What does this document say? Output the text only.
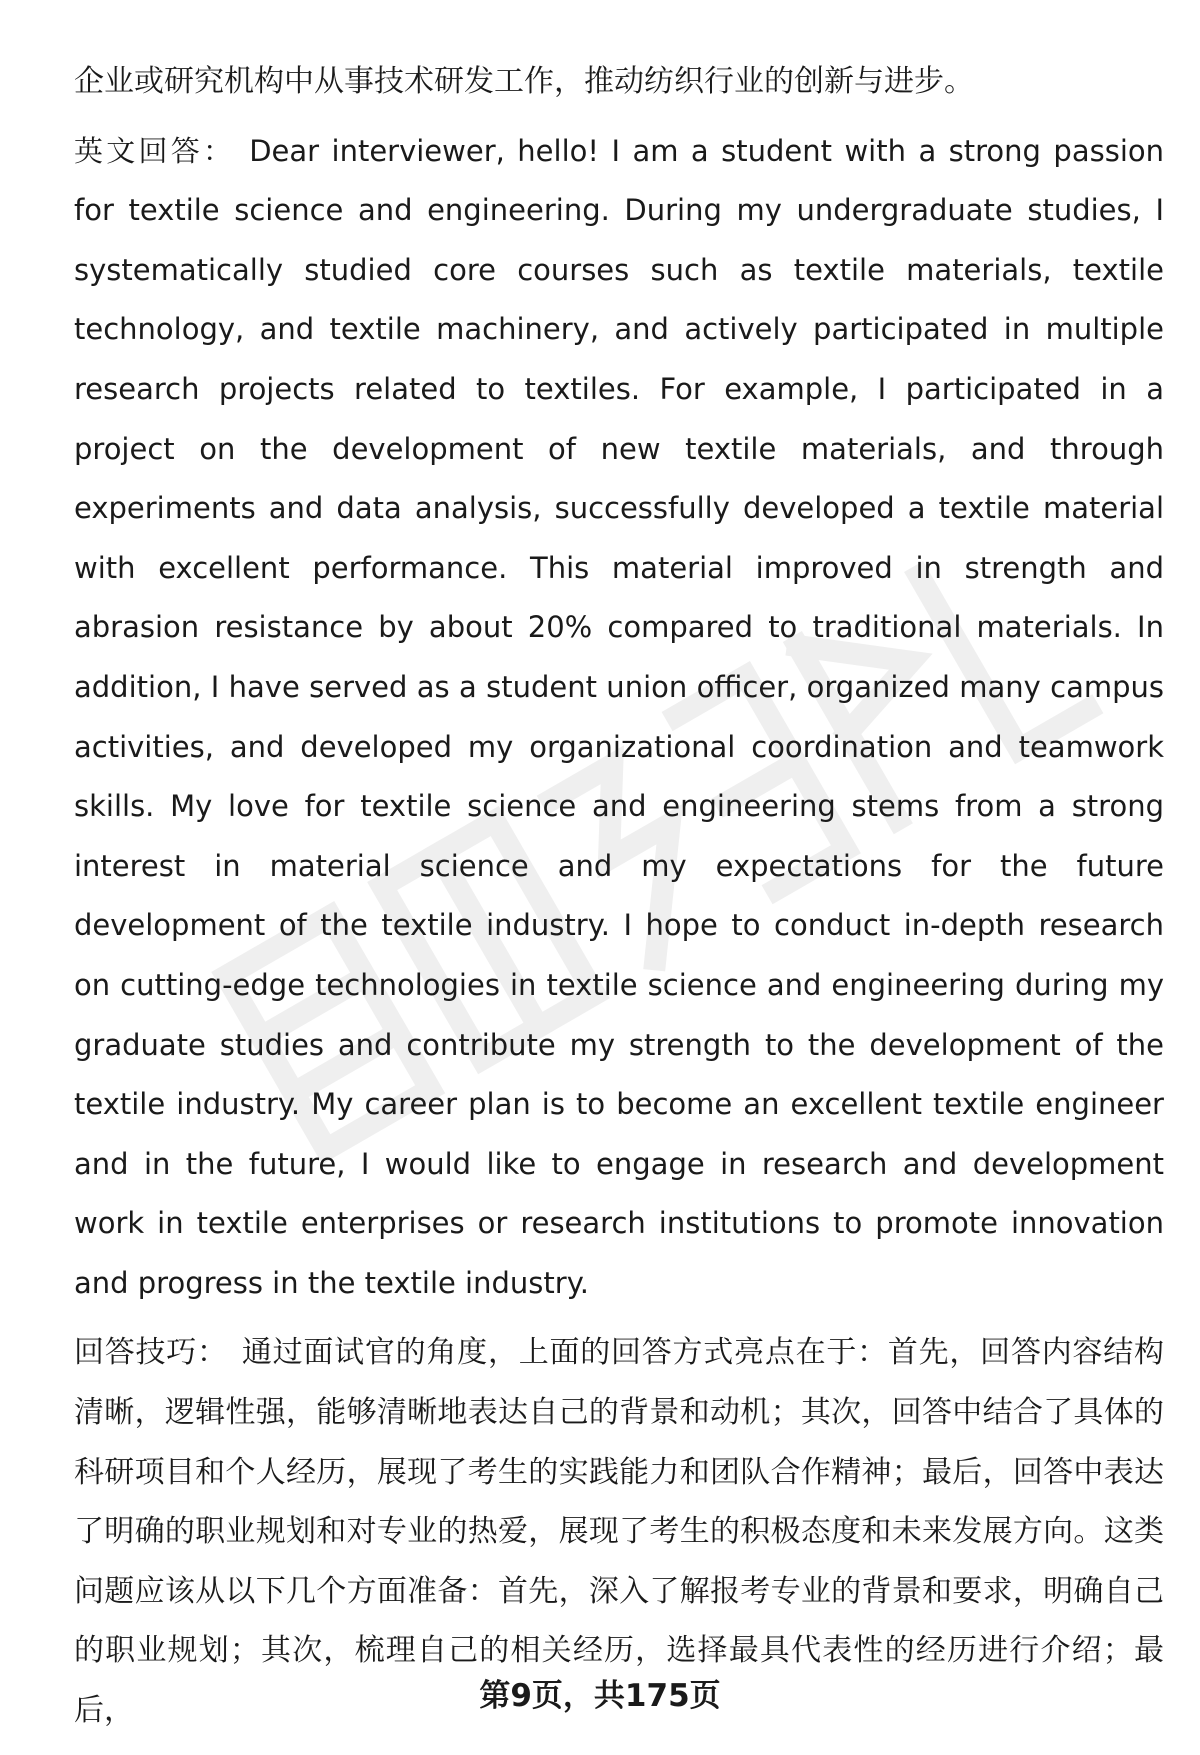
企业或研究机构中从事技术研发工作，推动纺织行业的创新与进步。

英文回答： Dear interviewer, hello! I am a student with a strong passion for textile science and engineering. During my undergraduate studies, I systematically studied core courses such as textile materials, textile technology, and textile machinery, and actively participated in multiple research projects related to textiles. For example, I participated in a project on the development of new textile materials, and through experiments and data analysis, successfully developed a textile material with excellent performance. This material improved in strength and abrasion resistance by about 20% compared to traditional materials. In addition, I have served as a student union officer, organized many campus activities, and developed my organizational coordination and teamwork skills. My love for textile science and engineering stems from a strong interest in material science and my expectations for the future development of the textile industry. I hope to conduct in-depth research on cutting-edge technologies in textile science and engineering during my graduate studies and contribute my strength to the development of the textile industry. My career plan is to become an excellent textile engineer and in the future, I would like to engage in research and development work in textile enterprises or research institutions to promote innovation and progress in the textile industry.

回答技巧： 通过面试官的角度，上面的回答方式亮点在于：首先，回答内容结构清晰，逻辑性强，能够清晰地表达自己的背景和动机；其次，回答中结合了具体的科研项目和个人经历，展现了考生的实践能力和团队合作精神；最后，回答中表达了明确的职业规划和对专业的热爱，展现了考生的积极态度和未来发展方向。这类问题应该从以下几个方面准备：首先，深入了解报考专业的背景和要求，明确自己的职业规划；其次，梳理自己的相关经历，选择最具代表性的经历进行介绍；最后，	第9页，共175页
